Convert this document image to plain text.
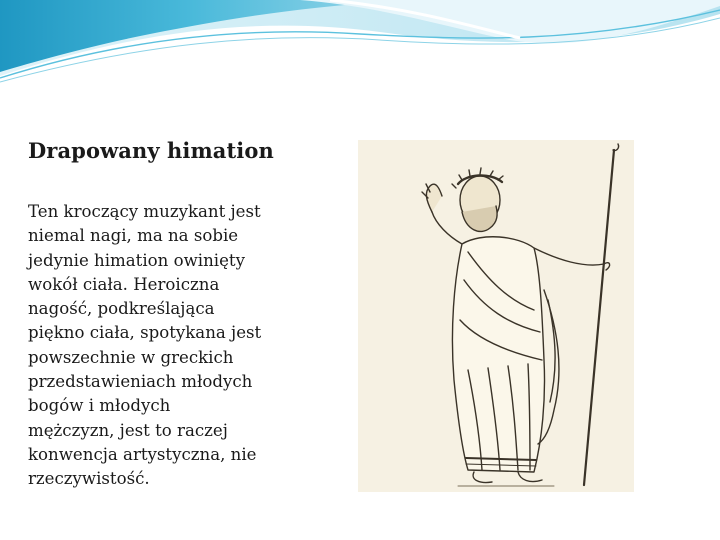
Drapowany himation
Ten kroczący muzykant jest
niemal nagi, ma na sobie
jedynie himation owinięty
wokół ciała. Heroiczna
nagość, podkreślająca
piękno ciała, spotykana jest
powszechnie w greckich
przedstawieniach młodych
bogów i młodych
mężczyzn, jest to raczej
konwencja artystyczna, nie
rzeczywistość.
